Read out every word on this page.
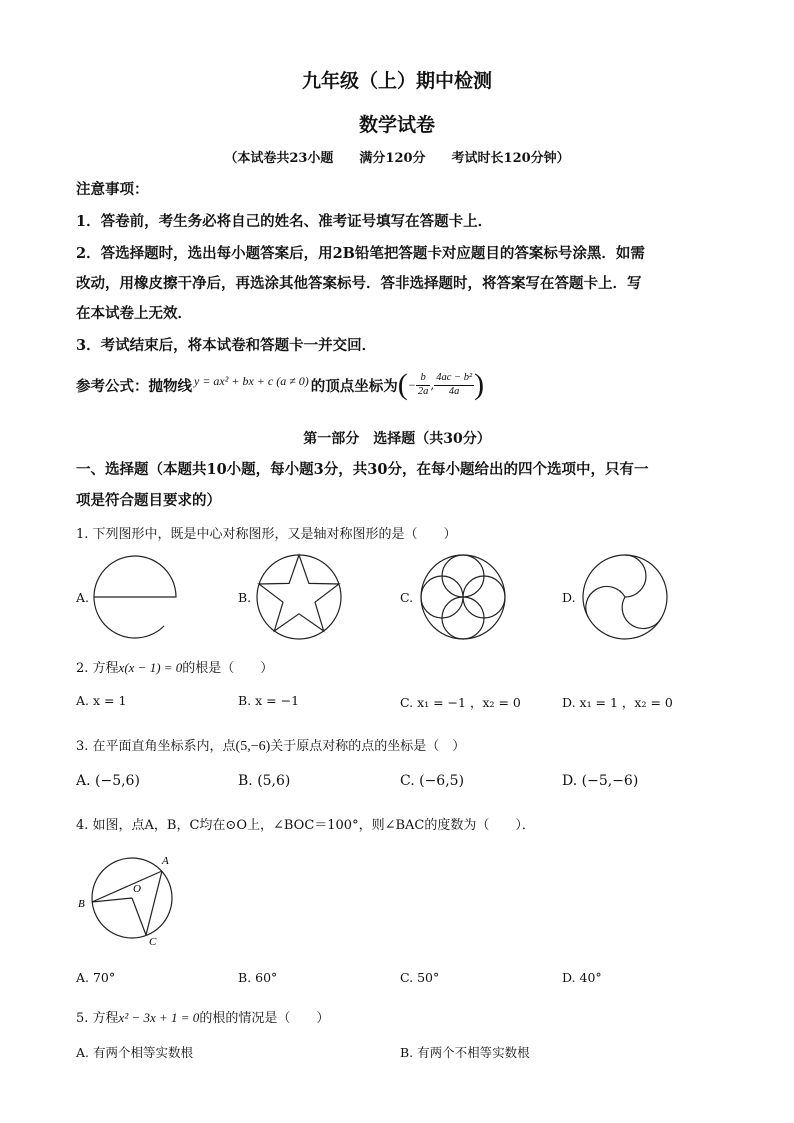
九年级（上）期中检测
数学试卷
（本试卷共23小题　　满分120分　　考试时长120分钟）
注意事项：
1．答卷前，考生务必将自己的姓名、准考证号填写在答题卡上．
2．答选择题时，选出每小题答案后，用2B铅笔把答题卡对应题目的答案标号涂黑．如需
改动，用橡皮擦干净后，再选涂其他答案标号．答非选择题时，将答案写在答题卡上．写
在本试卷上无效．
3．考试结束后，将本试卷和答题卡一并交回．
参考公式：抛物线 y = ax² + bx + c (a ≠ 0) 的顶点坐标为 ( − $\frac{b}{2a}$ , $\frac{\text{4ac − b²}}{4a}$ )
第一部分　选择题（共30分）
一、选择题（本题共10小题，每小题3分，共30分，在每小题给出的四个选项中，只有一
项是符合题目要求的）
1. 下列图形中，既是中心对称图形，又是轴对称图形的是（　　）
A.	B.	C.	D.
2. 方程x(x − 1) = 0的根是（　　）
A. x = 1	B. x = −1	C. x₁ = −1 ，x₂ = 0	D. x₁ = 1 ，x₂ = 0
3. 在平面直角坐标系内，点(5,−6)关于原点对称的点的坐标是（　）
A. (−5,6)	B. (5,6)	C. (−6,5)	D. (−5,−6)
4. 如图，点A，B，C均在⊙O上，∠BOC＝100°，则∠BAC的度数为（　　）．
A
B
C
O
A. 70°	B. 60°	C. 50°	D. 40°
5. 方程x² − 3x + 1 = 0的根的情况是（　　）
A. 有两个相等实数根	B. 有两个不相等实数根
